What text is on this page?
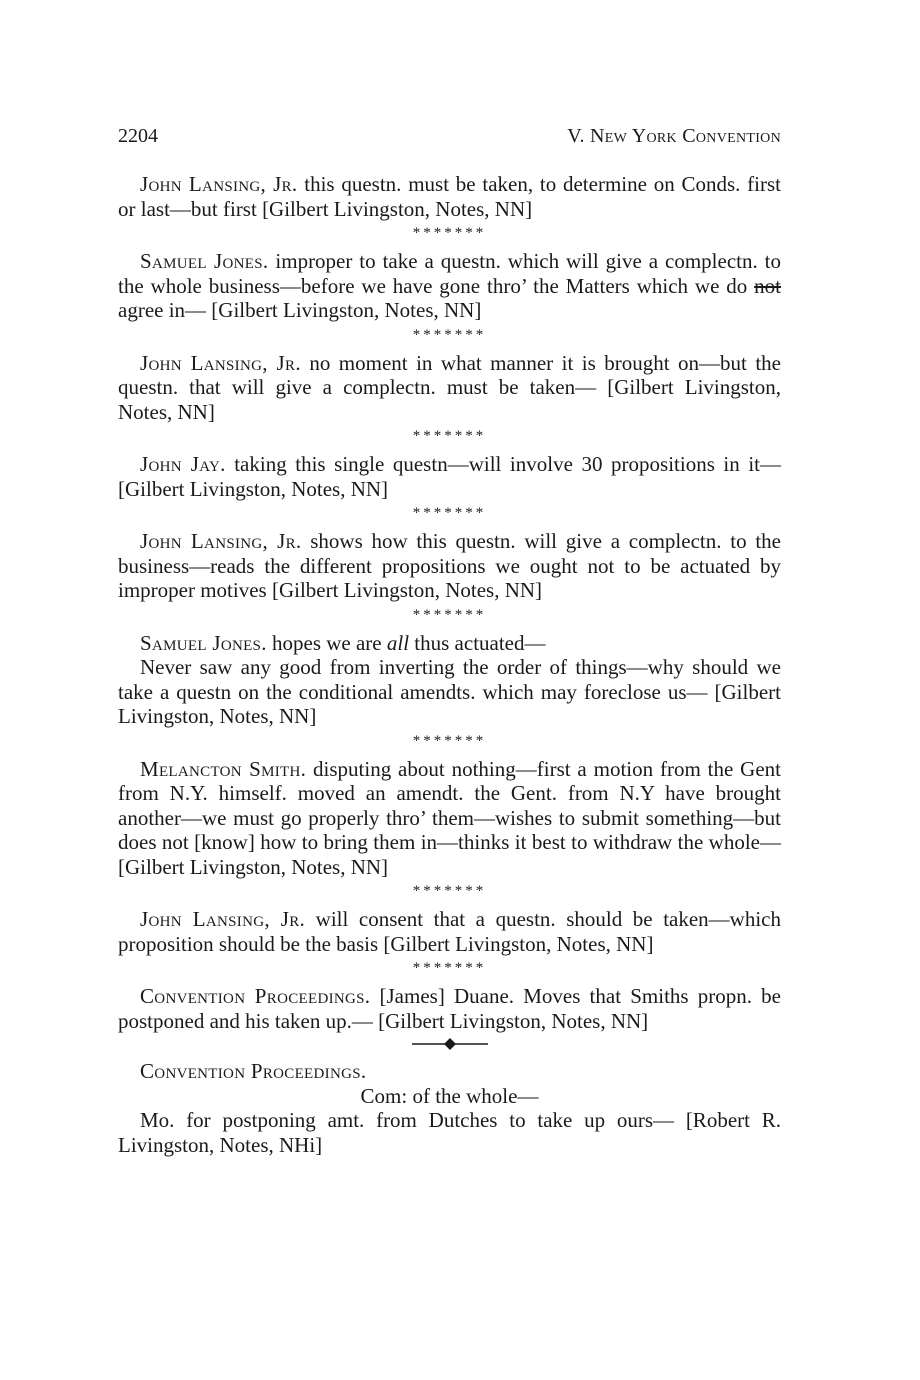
2204	V. New York Convention

John Lansing, Jr. this questn. must be taken, to determine on Conds. first or last—but first [Gilbert Livingston, Notes, NN]

*******

Samuel Jones. improper to take a questn. which will give a complectn. to the whole business—before we have gone thro’ the Matters which we do not agree in— [Gilbert Livingston, Notes, NN]

*******

John Lansing, Jr. no moment in what manner it is brought on—but the questn. that will give a complectn. must be taken— [Gilbert Livingston, Notes, NN]

*******

John Jay. taking this single questn—will involve 30 propositions in it— [Gilbert Livingston, Notes, NN]

*******

John Lansing, Jr. shows how this questn. will give a complectn. to the business—reads the different propositions we ought not to be actuated by improper motives [Gilbert Livingston, Notes, NN]

*******

Samuel Jones. hopes we are all thus actuated—

Never saw any good from inverting the order of things—why should we take a questn on the conditional amendts. which may foreclose us— [Gilbert Livingston, Notes, NN]

*******

Melancton Smith. disputing about nothing—first a motion from the Gent from N.Y. himself. moved an amendt. the Gent. from N.Y have brought another—we must go properly thro’ them—wishes to submit something—but does not [know] how to bring them in—thinks it best to withdraw the whole— [Gilbert Livingston, Notes, NN]

*******

John Lansing, Jr. will consent that a questn. should be taken—which proposition should be the basis [Gilbert Livingston, Notes, NN]

*******

Convention Proceedings. [James] Duane. Moves that Smiths propn. be postponed and his taken up.— [Gilbert Livingston, Notes, NN]

Convention Proceedings.

Com: of the whole—

Mo. for postponing amt. from Dutches to take up ours— [Robert R. Livingston, Notes, NHi]
